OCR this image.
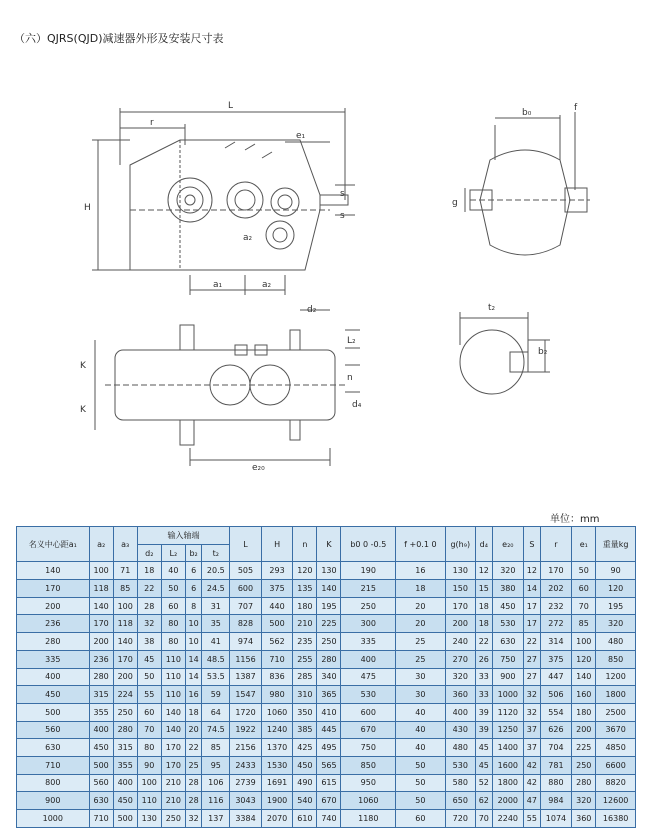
（六）QJRS(QJD)减速器外形及安装尺寸表
L
r
H
e₁
s
s
a₂
a₁	a₂
b₀	f
g
d₂
L₂
K
K
n
d₄
e₂₀
t₂
b₂
单位：mm
名义中心距a₁	a₂	a₃	输入轴端				L	H	n	K	b0 0 -0.5	f +0.1 0	g(h₉)	d₄	e₂₀	S	r	e₁	重量kg
			d₂	L₂	b₂	t₂													
140	100	71	18	40	6	20.5	505	293	120	130	190	16	130	12	320	12	170	50	90
170	118	85	22	50	6	24.5	600	375	135	140	215	18	150	15	380	14	202	60	120
200	140	100	28	60	8	31	707	440	180	195	250	20	170	18	450	17	232	70	195
236	170	118	32	80	10	35	828	500	210	225	300	20	200	18	530	17	272	85	320
280	200	140	38	80	10	41	974	562	235	250	335	25	240	22	630	22	314	100	480
335	236	170	45	110	14	48.5	1156	710	255	280	400	25	270	26	750	27	375	120	850
400	280	200	50	110	14	53.5	1387	836	285	340	475	30	320	33	900	27	447	140	1200
450	315	224	55	110	16	59	1547	980	310	365	530	30	360	33	1000	32	506	160	1800
500	355	250	60	140	18	64	1720	1060	350	410	600	40	400	39	1120	32	554	180	2500
560	400	280	70	140	20	74.5	1922	1240	385	445	670	40	430	39	1250	37	626	200	3670
630	450	315	80	170	22	85	2156	1370	425	495	750	40	480	45	1400	37	704	225	4850
710	500	355	90	170	25	95	2433	1530	450	565	850	50	530	45	1600	42	781	250	6600
800	560	400	100	210	28	106	2739	1691	490	615	950	50	580	52	1800	42	880	280	8820
900	630	450	110	210	28	116	3043	1900	540	670	1060	50	650	62	2000	47	984	320	12600
1000	710	500	130	250	32	137	3384	2070	610	740	1180	60	720	70	2240	55	1074	360	16380
